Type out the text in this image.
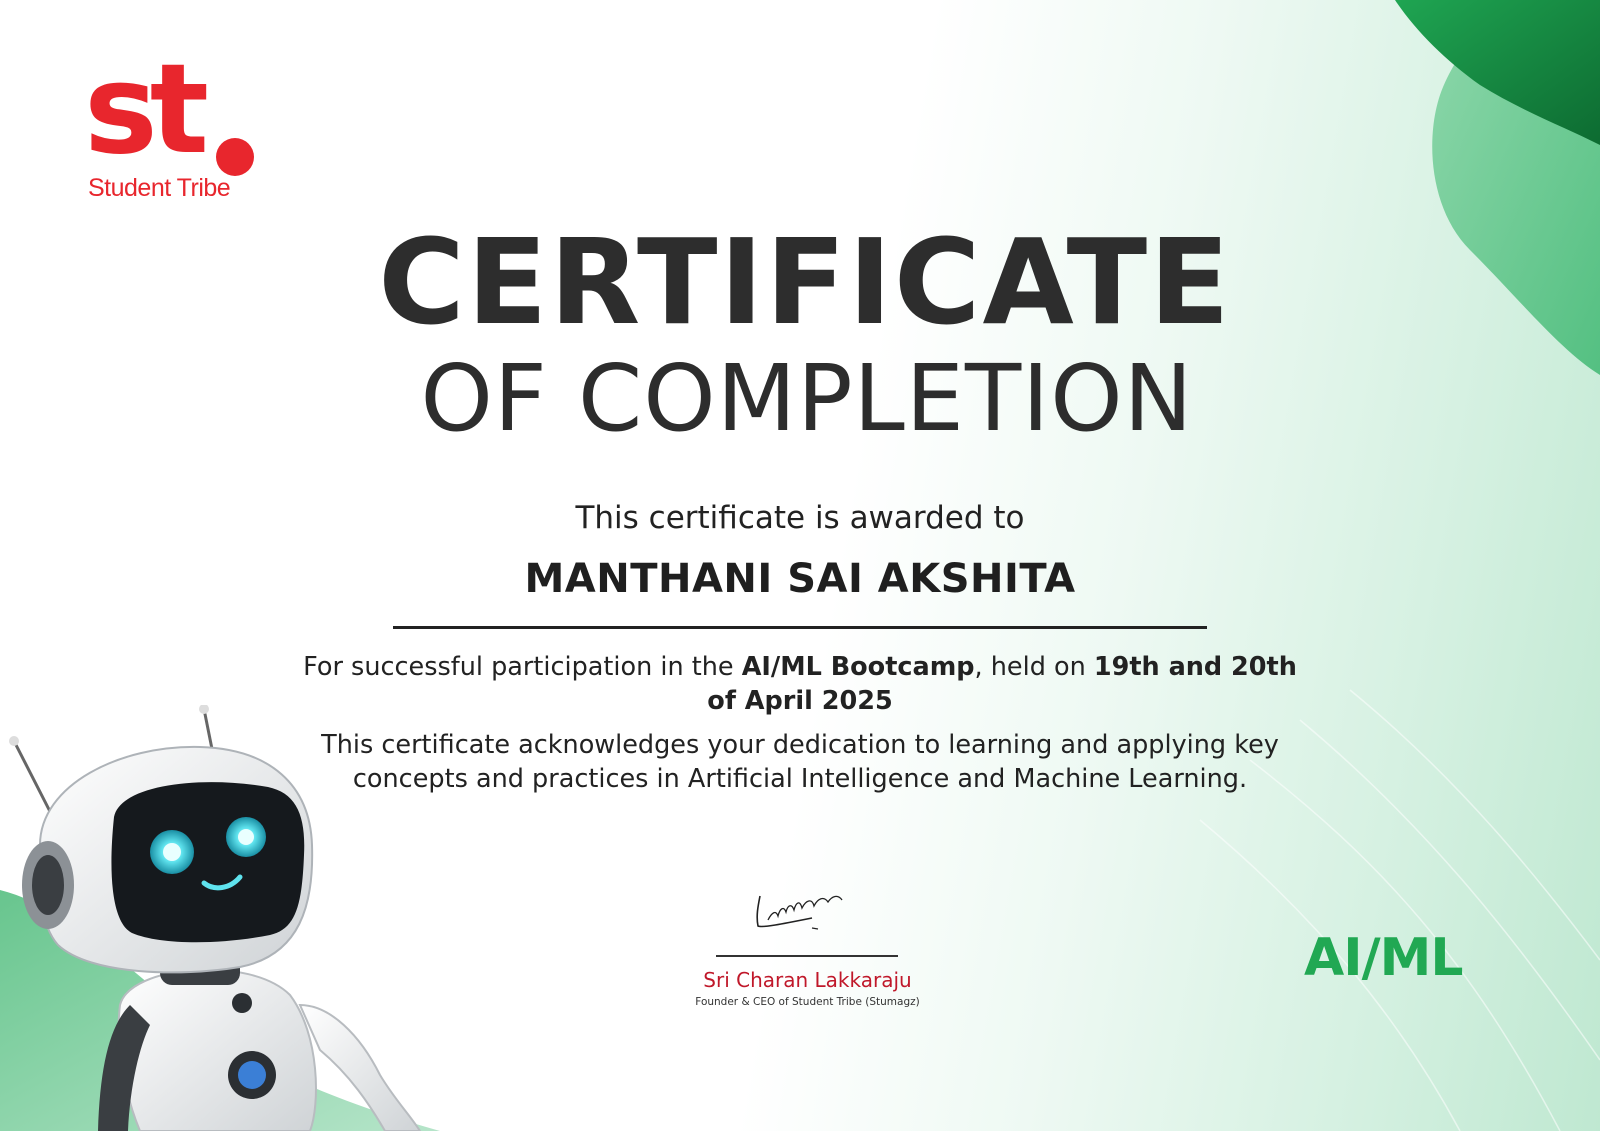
st
Student Tribe
CERTIFICATE
OF COMPLETION
This certificate is awarded to
MANTHANI SAI AKSHITA
For successful participation in the AI/ML Bootcamp, held on 19th and 20th of April 2025
This certificate acknowledges your dedication to learning and applying key concepts and practices in Artificial Intelligence and Machine Learning.
Sri Charan Lakkaraju
Founder & CEO of Student Tribe (Stumagz)
AI/ML
